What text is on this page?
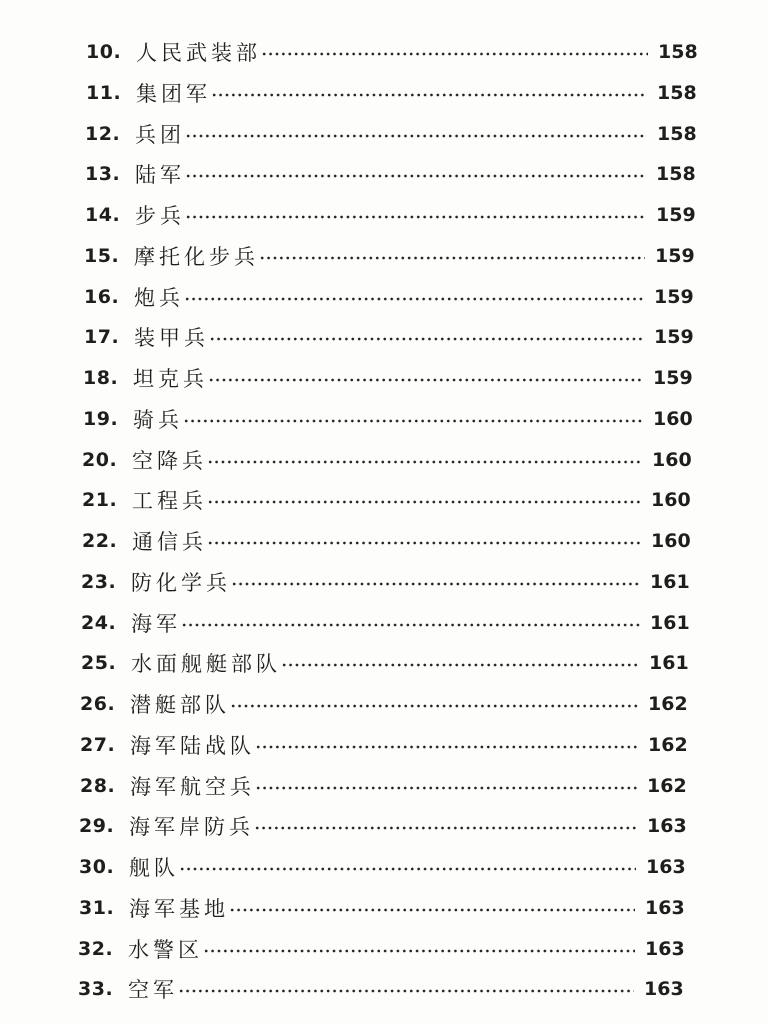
10. 人民武装部	158
11. 集团军	158
12. 兵团	158
13. 陆军	158
14. 步兵	159
15. 摩托化步兵	159
16. 炮兵	159
17. 装甲兵	159
18. 坦克兵	159
19. 骑兵	160
20. 空降兵	160
21. 工程兵	160
22. 通信兵	160
23. 防化学兵	161
24. 海军	161
25. 水面舰艇部队	161
26. 潜艇部队	162
27. 海军陆战队	162
28. 海军航空兵	162
29. 海军岸防兵	163
30. 舰队	163
31. 海军基地	163
32. 水警区	163
33. 空军	163
